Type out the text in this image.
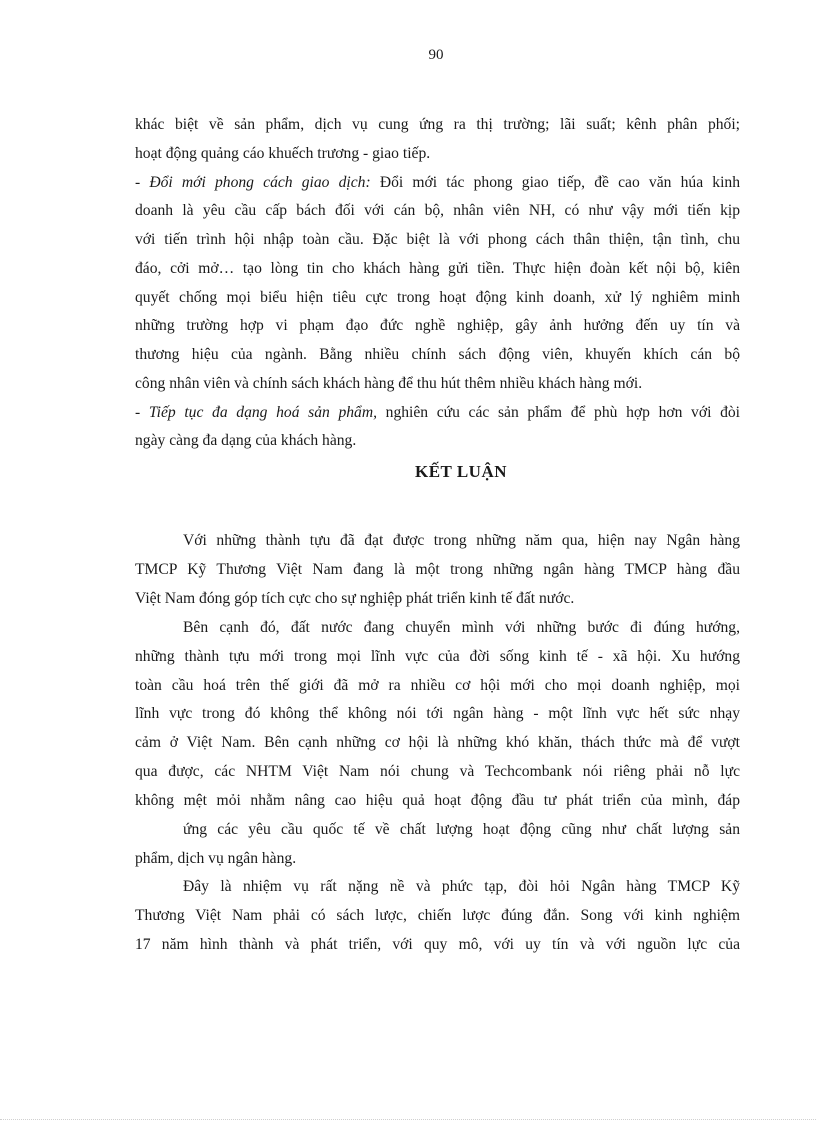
90
khác biệt về sản phẩm, dịch vụ cung ứng ra thị trường; lãi suất; kênh phân phối;
hoạt động quảng cáo khuếch trương - giao tiếp.
- Đổi mới phong cách giao dịch: Đổi mới tác phong giao tiếp, đề cao văn húa kinh
doanh là yêu cầu cấp bách đối với cán bộ, nhân viên NH, có như vậy mới tiến kịp
với tiến trình hội nhập toàn cầu. Đặc biệt là với phong cách thân thiện, tận tình, chu
đáo, cởi mở… tạo lòng tin cho khách hàng gửi tiền. Thực hiện đoàn kết nội bộ, kiên
quyết chống mọi biểu hiện tiêu cực trong hoạt động kinh doanh, xử lý nghiêm minh
những trường hợp vi phạm đạo đức nghề nghiệp, gây ảnh hưởng đến uy tín và
thương hiệu của ngành. Bằng nhiều chính sách động viên, khuyến khích cán bộ
công nhân viên và chính sách khách hàng để thu hút thêm nhiều khách hàng mới.
- Tiếp tục đa dạng hoá sản phẩm, nghiên cứu các sản phẩm để phù hợp hơn với đòi
ngày càng đa dạng của khách hàng.
KẾT LUẬN
Với những thành tựu đã đạt được trong những năm qua, hiện nay Ngân hàng
TMCP Kỹ Thương Việt Nam đang là một trong những ngân hàng TMCP hàng đầu
Việt Nam đóng góp tích cực cho sự nghiệp phát triển kinh tế đất nước.
Bên cạnh đó, đất nước đang chuyển mình với những bước đi đúng hướng,
những thành tựu mới trong mọi lĩnh vực của đời sống kinh tế - xã hội. Xu hướng
toàn cầu hoá trên thế giới đã mở ra nhiều cơ hội mới cho mọi doanh nghiệp, mọi
lĩnh vực trong đó không thể không nói tới ngân hàng - một lĩnh vực hết sức nhạy
cảm ở Việt Nam. Bên cạnh những cơ hội là những khó khăn, thách thức mà để vượt
qua được, các NHTM Việt Nam nói chung và Techcombank nói riêng phải nỗ lực
không mệt mỏi nhằm nâng cao hiệu quả hoạt động đầu tư phát triển của mình, đáp
ứng các yêu cầu quốc tế về chất lượng hoạt động cũng như chất lượng sản
phẩm, dịch vụ ngân hàng.
Đây là nhiệm vụ rất nặng nề và phức tạp, đòi hỏi Ngân hàng TMCP Kỹ
Thương Việt Nam phải có sách lược, chiến lược đúng đắn. Song với kinh nghiệm
17 năm hình thành và phát triển, với quy mô, với uy tín và với nguồn lực của
